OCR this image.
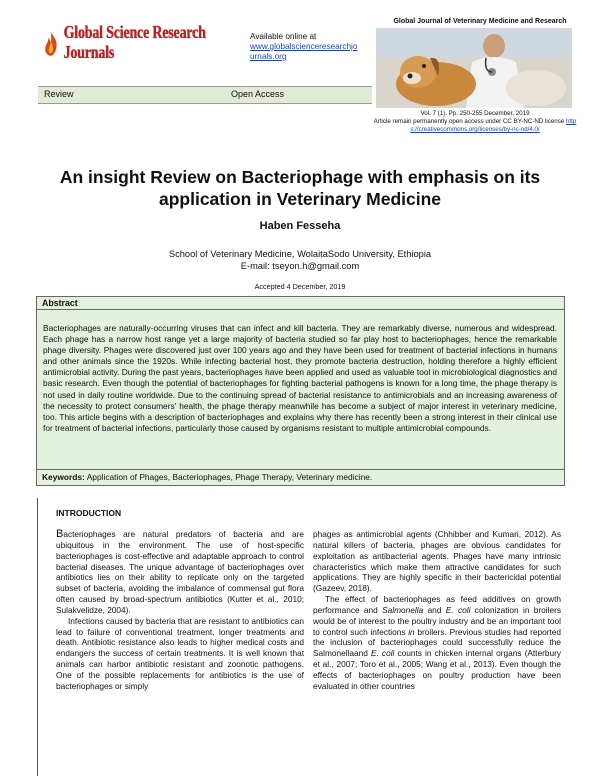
Global Science Research Journals
Available online at
www.globalscienceresearchjournals.org
Global Journal of Veterinary Medicine and Research
Review	Open Access
Vol. 7 (1). Pp. 250-255 December, 2019
Article remain permanently open access under CC BY-NC-ND license https://creativecommons.org/licenses/by-nc-nd/4.0/
An insight Review on Bacteriophage with emphasis on its application in Veterinary Medicine
Haben Fesseha
School of Veterinary Medicine, WolaitaSodo University, Ethiopia
E-mail: tseyon.h@gmail.com
Accepted 4 December, 2019
Abstract
Bacteriophages are naturally-occurring viruses that can infect and kill bacteria. They are remarkably diverse, numerous and widespread. Each phage has a narrow host range yet a large majority of bacteria studied so far play host to bacteriophages, hence the remarkable phage diversity. Phages were discovered just over 100 years ago and they have been used for treatment of bacterial infections in humans and other animals since the 1920s. While infecting bacterial host, they promote bacteria destruction, holding therefore a highly efficient antimicrobial activity. During the past years, bacteriophages have been applied and used as valuable tool in microbiological diagnostics and basic research. Even though the potential of bacteriophages for fighting bacterial pathogens is known for a long time, the phage therapy is not used in daily routine worldwide. Due to the continuing spread of bacterial resistance to antimicrobials and an increasing awareness of the necessity to protect consumers' health, the phage therapy meanwhile has become a subject of major interest in veterinary medicine, too. This article begins with a description of bacteriophages and explains why there has recently been a strong interest in their clinical use for treatment of bacterial infections, particularly those caused by organisms resistant to multiple antimicrobial compounds.
Keywords: Application of Phages, Bacteriophages, Phage Therapy, Veterinary medicine.
INTRODUCTION

Bacteriophages are natural predators of bacteria and are ubiquitous in the environment. The use of host-specific bacteriophages is cost-effective and adaptable approach to control bacterial diseases. The unique advantage of bacteriophages over antibiotics lies on their ability to replicate only on the targeted subset of bacteria, avoiding the imbalance of commensal gut flora often caused by broad-spectrum antibiotics (Kutter et al., 2010; Sulakvelidze, 2004).

Infections caused by bacteria that are resistant to antibiotics can lead to failure of conventional treatment, longer treatments and death. Antibiotic resistance also leads to higher medical costs and endangers the success of certain treatments. It is well known that animals can harbor antibiotic resistant and zoonotic pathogens. One of the possible replacements for antibiotics is the use of bacteriophages or simply

phages as antimicrobial agents (Chhibber and Kumari, 2012). As natural killers of bacteria, phages are obvious candidates for exploitation as antibacterial agents. Phages have many intrinsic characteristics which make them attractive candidates for such applications. They are highly specific in their bactericidal potential (Gazeev, 2018).

The effect of bacteriophages as feed additives on growth performance and Salmonella and E. coli colonization in broilers would be of interest to the poultry industry and be an important tool to control such infections in broilers. Previous studies had reported the inclusion of bacteriophages could successfully reduce the Salmonellaand E. coli counts in chicken internal organs (Atterbury et al., 2007; Toro et al., 2005; Wang et al., 2013). Even though the effects of bacteriophages on poultry production have been evaluated in other countries
